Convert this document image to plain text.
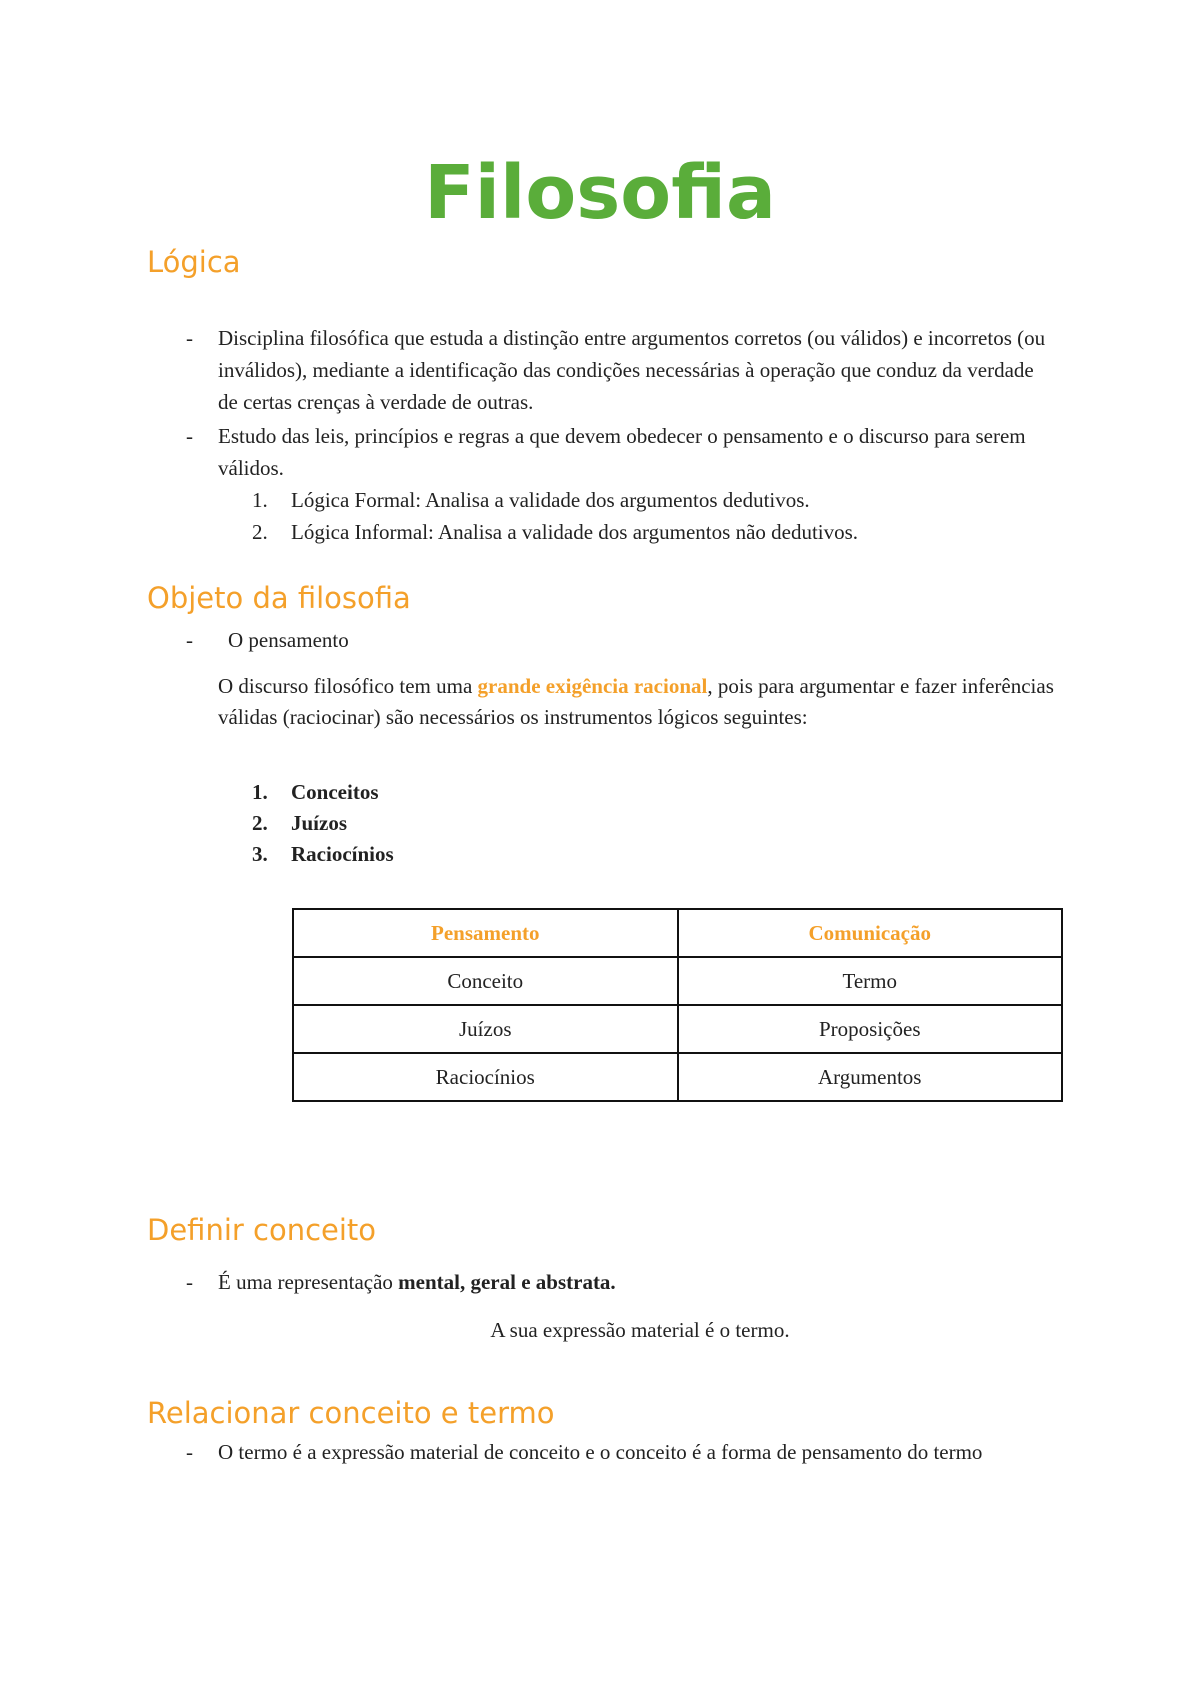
Filosofia
Lógica
- Disciplina filosófica que estuda a distinção entre argumentos corretos (ou válidos) e incorretos (ou inválidos), mediante a identificação das condições necessárias à operação que conduz da verdade de certas crenças à verdade de outras.

- Estudo das leis, princípios e regras a que devem obedecer o pensamento e o discurso para serem válidos.

1. Lógica Formal: Analisa a validade dos argumentos dedutivos.
2. Lógica Informal: Analisa a validade dos argumentos não dedutivos.
Objeto da filosofia
- O pensamento

O discurso filosófico tem uma grande exigência racional, pois para argumentar e fazer inferências válidas (raciocinar) são necessários os instrumentos lógicos seguintes:

1. Conceitos
2. Juízos
3. Raciocínios
Pensamento	Comunicação
Conceito	Termo
Juízos	Proposições
Raciocínios	Argumentos
Definir conceito
- É uma representação mental, geral e abstrata.

A sua expressão material é o termo.
Relacionar conceito e termo
- O termo é a expressão material de conceito e o conceito é a forma de pensamento do termo
